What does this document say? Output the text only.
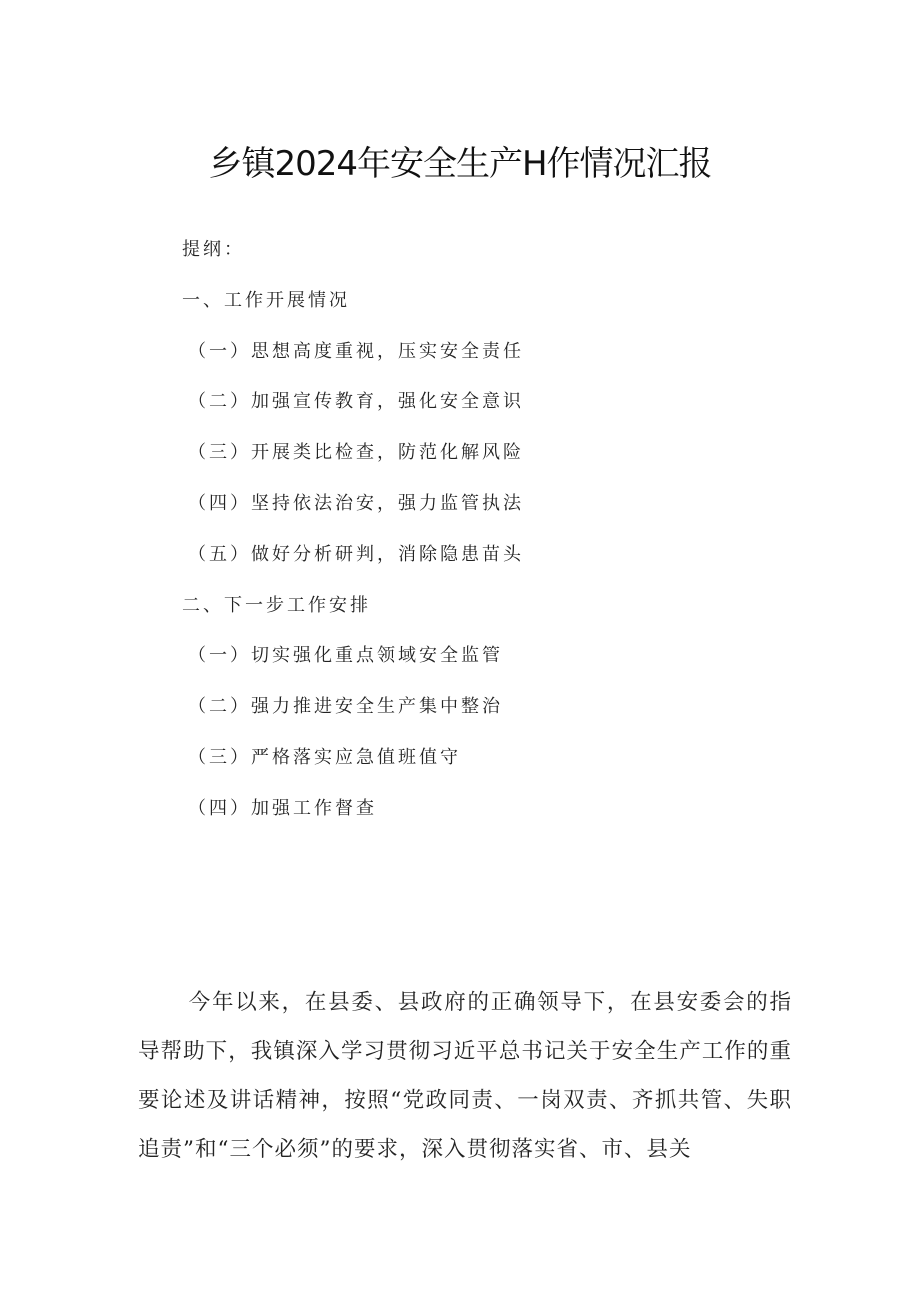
乡镇2024年安全生产H作情况汇报
提纲：
一、工作开展情况
（一）思想高度重视，压实安全责任
（二）加强宣传教育，强化安全意识
（三）开展类比检查，防范化解风险
（四）坚持依法治安，强力监管执法
（五）做好分析研判，消除隐患苗头
二、下一步工作安排
（一）切实强化重点领域安全监管
（二）强力推进安全生产集中整治
（三）严格落实应急值班值守
（四）加强工作督查
今年以来，在县委、县政府的正确领导下，在县安委会的指导帮助下，我镇深入学习贯彻习近平总书记关于安全生产工作的重要论述及讲话精神，按照“党政同责、一岗双责、齐抓共管、失职追责”和“三个必须”的要求，深入贯彻落实省、市、县关
